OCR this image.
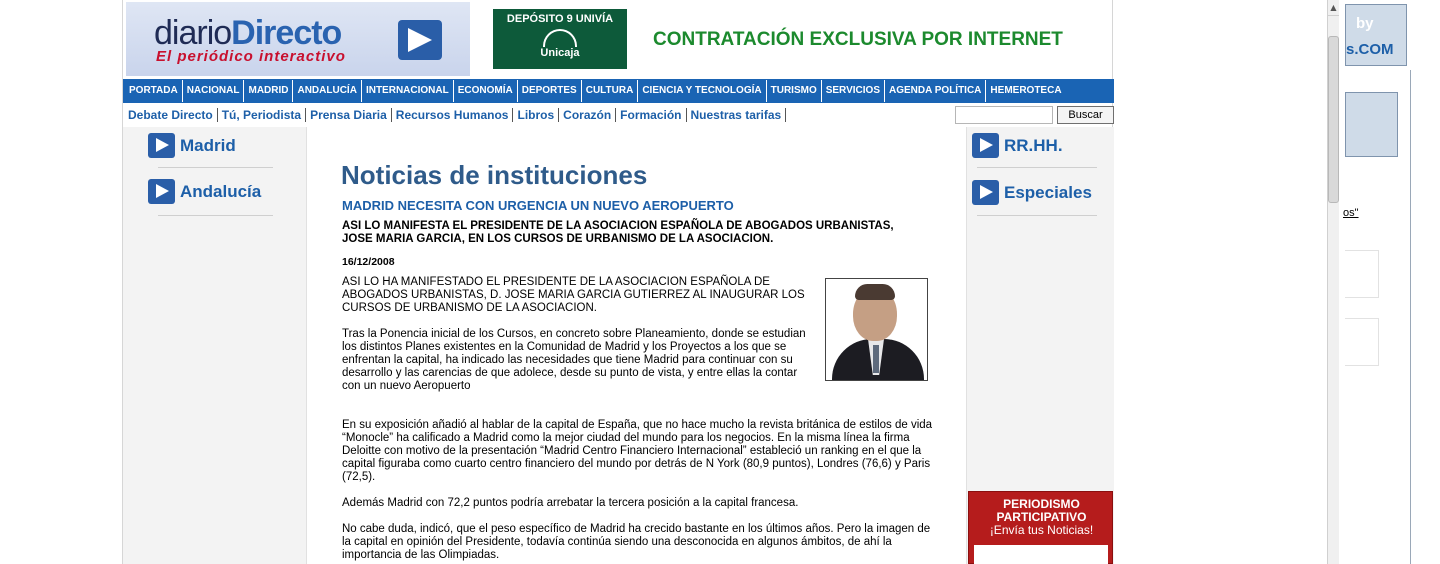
diarioDirecto
El periódico interactivo
DEPÓSITO 9 UNIVÍA
Unicaja
CONTRATACIÓN EXCLUSIVA POR INTERNET
PORTADA NACIONAL MADRID ANDALUCÍA INTERNACIONAL ECONOMÍA DEPORTES CULTURA CIENCIA Y TECNOLOGÍA TURISMO SERVICIOS AGENDA POLÍTICA HEMEROTECA
Debate Directo Tú, Periodista Prensa Diaria Recursos Humanos Libros Corazón Formación Nuestras tarifas	Buscar
Madrid
Andalucía
Noticias de instituciones
MADRID NECESITA CON URGENCIA UN NUEVO AEROPUERTO
ASI LO MANIFESTA EL PRESIDENTE DE LA ASOCIACION ESPAÑOLA DE ABOGADOS URBANISTAS, JOSE MARIA GARCIA, EN LOS CURSOS DE URBANISMO DE LA ASOCIACION.
16/12/2008
ASI LO HA MANIFESTADO EL PRESIDENTE DE LA ASOCIACION ESPAÑOLA DE ABOGADOS URBANISTAS, D. JOSE MARIA GARCIA GUTIERREZ AL INAUGURAR LOS CURSOS DE URBANISMO DE LA ASOCIACION.
Tras la Ponencia inicial de los Cursos, en concreto sobre Planeamiento, donde se estudian los distintos Planes existentes en la Comunidad de Madrid y los Proyectos a los que se enfrentan la capital, ha indicado las necesidades que tiene Madrid para continuar con su desarrollo y las carencias de que adolece, desde su punto de vista, y entre ellas la contar con un nuevo Aeropuerto
En su exposición añadió al hablar de la capital de España, que no hace mucho la revista británica de estilos de vida “Monocle” ha calificado a Madrid como la mejor ciudad del mundo para los negocios. En la misma línea la firma Deloitte con motivo de la presentación “Madrid Centro Financiero Internacional” estableció un ranking en el que la capital figuraba como cuarto centro financiero del mundo por detrás de N York (80,9 puntos), Londres (76,6) y Paris (72,5).
Además Madrid con 72,2 puntos podría arrebatar la tercera posición a la capital francesa.
No cabe duda, indicó, que el peso específico de Madrid ha crecido bastante en los últimos años. Pero la imagen de la capital en opinión del Presidente, todavía continúa siendo una desconocida en algunos ámbitos, de ahí la importancia de las Olimpiadas.
RR.HH.
Especiales
PERIODISMO PARTICIPATIVO
¡Envía tus Noticias!
▲
by
s.COM
os"
